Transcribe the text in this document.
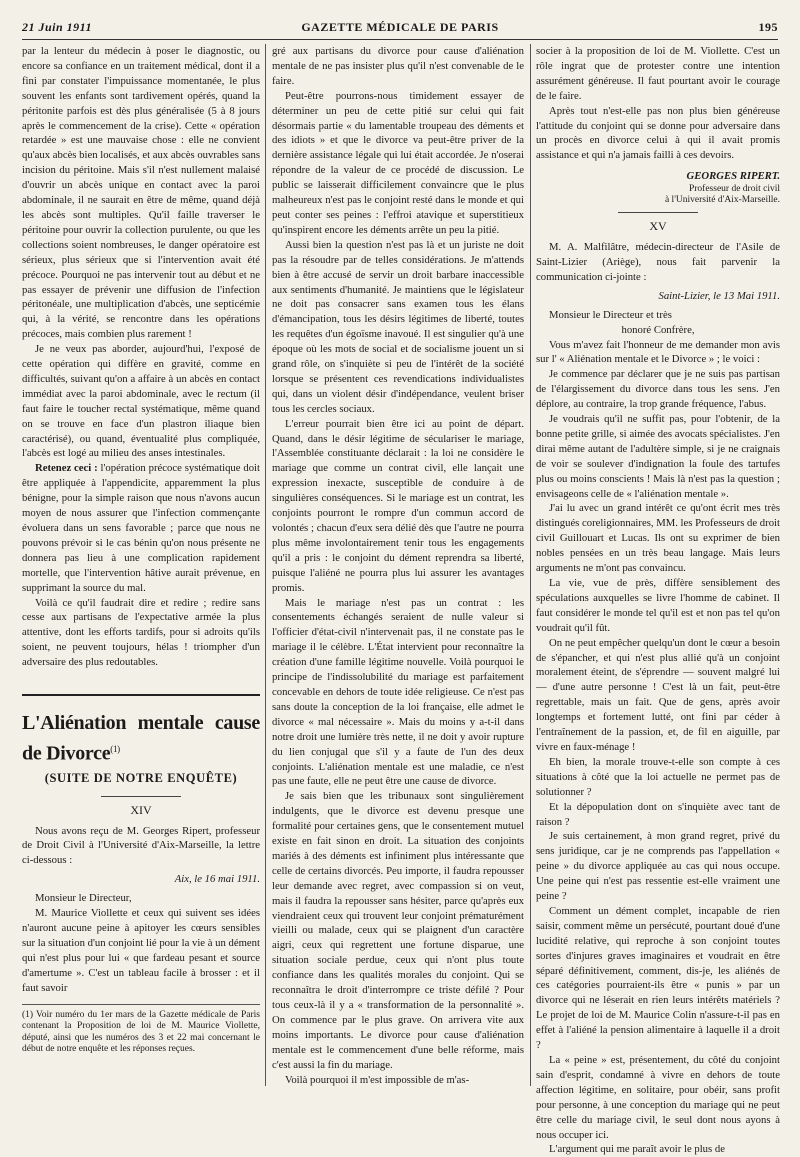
21 Juin 1911	GAZETTE MÉDICALE DE PARIS	195

par la lenteur du médecin à poser le diagnostic, ou encore sa confiance en un traitement médical, dont il a fini par constater l'impuissance momentanée, le plus souvent les enfants sont tardivement opérés, quand la péritonite parfois est dès plus généralisée (5 à 8 jours après le commencement de la crise). Cette « opération retardée » est une mauvaise chose : elle ne convient qu'aux abcès bien localisés, et aux abcès ouvrables sans incision du péritoine. Mais s'il n'est nullement malaisé d'ouvrir un abcès unique en contact avec la paroi abdominale, il ne saurait en être de même, quand déjà les abcès sont multiples. Qu'il faille traverser le péritoine pour ouvrir la collection purulente, ou que les collections soient nombreuses, le danger opératoire est sérieux, plus sérieux que si l'intervention avait été précoce. Pourquoi ne pas intervenir tout au début et ne pas essayer de prévenir une diffusion de l'infection péritonéale, une multiplication d'abcès, une septicémie qui, à la vérité, se rencontre dans les opérations précoces, mais combien plus rarement !

Je ne veux pas aborder, aujourd'hui, l'exposé de cette opération qui diffère en gravité, comme en difficultés, suivant qu'on a affaire à un abcès en contact immédiat avec la paroi abdominale, avec le rectum (il faut faire le toucher rectal systématique, même quand on se trouve en face d'un plastron iliaque bien caractérisé), ou quand, éventualité plus compliquée, l'abcès est logé au milieu des anses intestinales.

Retenez ceci : l'opération précoce systématique doit être appliquée à l'appendicite, apparemment la plus bénigne, pour la simple raison que nous n'avons aucun moyen de nous assurer que l'infection commençante évoluera dans un sens favorable ; parce que nous ne pouvons prévoir si le cas bénin qu'on nous présente ne donnera pas lieu à une complication rapidement mortelle, que l'intervention hâtive aurait prévenue, en supprimant la source du mal.

Voilà ce qu'il faudrait dire et redire ; redire sans cesse aux partisans de l'expectative armée la plus attentive, dont les efforts tardifs, pour si adroits qu'ils soient, ne peuvent toujours, hélas ! triompher d'un adversaire des plus redoutables.

L'Aliénation mentale cause de Divorce$^{(1)}$
(SUITE DE NOTRE ENQUÊTE)
XIV

Nous avons reçu de M. Georges Ripert, professeur de Droit Civil à l'Université d'Aix-Marseille, la lettre ci-dessous :

Aix, le 16 mai 1911.

Monsieur le Directeur,

M. Maurice Viollette et ceux qui suivent ses idées n'auront aucune peine à apitoyer les cœurs sensibles sur la situation d'un conjoint lié pour la vie à un dément qui n'est plus pour lui « que fardeau pesant et source d'amertume ». C'est un tableau facile à brosser : et il faut savoir

(1) Voir numéro du 1er mars de la Gazette médicale de Paris contenant la Proposition de loi de M. Maurice Viollette, député, ainsi que les numéros des 3 et 22 mai concernant le début de notre enquête et les réponses reçues.

gré aux partisans du divorce pour cause d'aliénation mentale de ne pas insister plus qu'il n'est convenable de le faire.

Peut-être pourrons-nous timidement essayer de déterminer un peu de cette pitié sur celui qui fait désormais partie « du lamentable troupeau des déments et des idiots » et que le divorce va peut-être priver de la dernière assistance légale qui lui était accordée. Je n'oserai répondre de la valeur de ce procédé de discussion. Le public se laisserait difficilement convaincre que le plus malheureux n'est pas le conjoint resté dans le monde et qui peut conter ses peines : l'effroi atavique et superstitieux qu'inspirent encore les déments arrête un peu la pitié.

Aussi bien la question n'est pas là et un juriste ne doit pas la résoudre par de telles considérations. Je m'attends bien à être accusé de servir un droit barbare inaccessible aux sentiments d'humanité. Je maintiens que le législateur ne doit pas consacrer sans examen tous les élans d'émancipation, tous les désirs légitimes de liberté, toutes les requêtes d'un égoïsme inavoué. Il est singulier qu'à une époque où les mots de social et de socialisme jouent un si grand rôle, on s'inquiète si peu de l'intérêt de la société lorsque se présentent ces revendications individualistes qui, dans un violent désir d'indépendance, veulent briser tous les cercles sociaux.

L'erreur pourrait bien être ici au point de départ. Quand, dans le désir légitime de séculariser le mariage, l'Assemblée constituante déclarait : la loi ne considère le mariage que comme un contrat civil, elle lançait une expression inexacte, susceptible de conduire à de singulières conséquences. Si le mariage est un contrat, les conjoints pourront le rompre d'un commun accord de volontés ; chacun d'eux sera délié dès que l'autre ne pourra plus même involontairement tenir tous les engagements qu'il a pris : le conjoint du dément reprendra sa liberté, puisque l'aliéné ne pourra plus lui assurer les avantages promis.

Mais le mariage n'est pas un contrat : les consentements échangés seraient de nulle valeur si l'officier d'état-civil n'intervenait pas, il ne constate pas le mariage il le célèbre. L'État intervient pour reconnaître la création d'une famille légitime nouvelle. Voilà pourquoi le principe de l'indissolubilité du mariage est parfaitement concevable en dehors de toute idée religieuse. Ce n'est pas sans doute la conception de la loi française, elle admet le divorce « mal nécessaire ». Mais du moins y a-t-il dans notre droit une lumière très nette, il ne doit y avoir rupture du lien conjugal que s'il y a faute de l'un des deux conjoints. L'aliénation mentale est une maladie, ce n'est pas une faute, elle ne peut être une cause de divorce.

Je sais bien que les tribunaux sont singulièrement indulgents, que le divorce est devenu presque une formalité pour certaines gens, que le consentement mutuel existe en fait sinon en droit. La situation des conjoints mariés à des déments est infiniment plus intéressante que celle de certains divorcés. Peu importe, il faudra repousser leur demande avec regret, avec compassion si on veut, mais il faudra la repousser sans hésiter, parce qu'après eux viendraient ceux qui trouvent leur conjoint prématurément vieilli ou malade, ceux qui se plaignent d'un caractère aigri, ceux qui regrettent une fortune disparue, une situation sociale perdue, ceux qui n'ont plus toute confiance dans les qualités morales du conjoint. Qui se reconnaîtra le droit d'interrompre ce triste défilé ? Pour tous ceux-là il y a « transformation de la personnalité ». On commence par le plus grave. On arrivera vite aux moins importants. Le divorce pour cause d'aliénation mentale est le commencement d'une belle réforme, mais c'est aussi la fin du mariage.

Voilà pourquoi il m'est impossible de m'as-

socier à la proposition de loi de M. Viollette. C'est un rôle ingrat que de protester contre une intention assurément généreuse. Il faut pourtant avoir le courage de le faire.

Après tout n'est-elle pas non plus bien généreuse l'attitude du conjoint qui se donne pour adversaire dans un procès en divorce celui à qui il avait promis assistance et qui n'a jamais failli à ces devoirs.

GEORGES RIPERT.
Professeur de droit civil
à l'Université d'Aix-Marseille.
XV

M. A. Malfilâtre, médecin-directeur de l'Asile de Saint-Lizier (Ariège), nous fait parvenir la communication ci-jointe :

Saint-Lizier, le 13 Mai 1911.

Monsieur le Directeur et très

honoré Confrère,

Vous m'avez fait l'honneur de me demander mon avis sur l' « Aliénation mentale et le Divorce » ; le voici :

Je commence par déclarer que je ne suis pas partisan de l'élargissement du divorce dans tous les sens. J'en déplore, au contraire, la trop grande fréquence, l'abus.

Je voudrais qu'il ne suffit pas, pour l'obtenir, de la bonne petite grille, si aimée des avocats spécialistes. J'en dirai même autant de l'adultère simple, si je ne craignais de voir se soulever d'indignation la foule des tartufes plus ou moins conscients ! Mais là n'est pas la question ; envisageons celle de « l'aliénation mentale ».

J'ai lu avec un grand intérêt ce qu'ont écrit mes très distingués coreligionnaires, MM. les Professeurs de droit civil Guillouart et Lucas. Ils ont su exprimer de bien nobles pensées en un très beau langage. Mais leurs arguments ne m'ont pas convaincu.

La vie, vue de près, diffère sensiblement des spéculations auxquelles se livre l'homme de cabinet. Il faut considérer le monde tel qu'il est et non pas tel qu'on voudrait qu'il fût.

On ne peut empêcher quelqu'un dont le cœur a besoin de s'épancher, et qui n'est plus allié qu'à un conjoint moralement éteint, de s'éprendre — souvent malgré lui — d'une autre personne ! C'est là un fait, peut-être regrettable, mais un fait. Que de gens, après avoir longtemps et fortement lutté, ont fini par céder à l'entraînement de la passion, et, de fil en aiguille, par vivre en faux-ménage !

Eh bien, la morale trouve-t-elle son compte à ces situations à côté que la loi actuelle ne permet pas de solutionner ?

Et la dépopulation dont on s'inquiète avec tant de raison ?

Je suis certainement, à mon grand regret, privé du sens juridique, car je ne comprends pas l'appellation « peine » du divorce appliquée au cas qui nous occupe. Une peine qui n'est pas ressentie est-elle vraiment une peine ?

Comment un dément complet, incapable de rien saisir, comment même un persécuté, pourtant doué d'une lucidité relative, qui reproche à son conjoint toutes sortes d'injures graves imaginaires et voudrait en être séparé définitivement, comment, dis-je, les aliénés de ces catégories pourraient-ils être « punis » par un divorce qui ne léserait en rien leurs intérêts matériels ? Le projet de loi de M. Maurice Colin n'assure-t-il pas en effet à l'aliéné la pension alimentaire à laquelle il a droit ?

La « peine » est, présentement, du côté du conjoint sain d'esprit, condamné à vivre en dehors de toute affection légitime, en solitaire, pour obéir, sans profit pour personne, à une conception du mariage qui ne peut être celle du mariage civil, le seul dont nous ayons à nous occuper ici.

L'argument qui me paraît avoir le plus de
